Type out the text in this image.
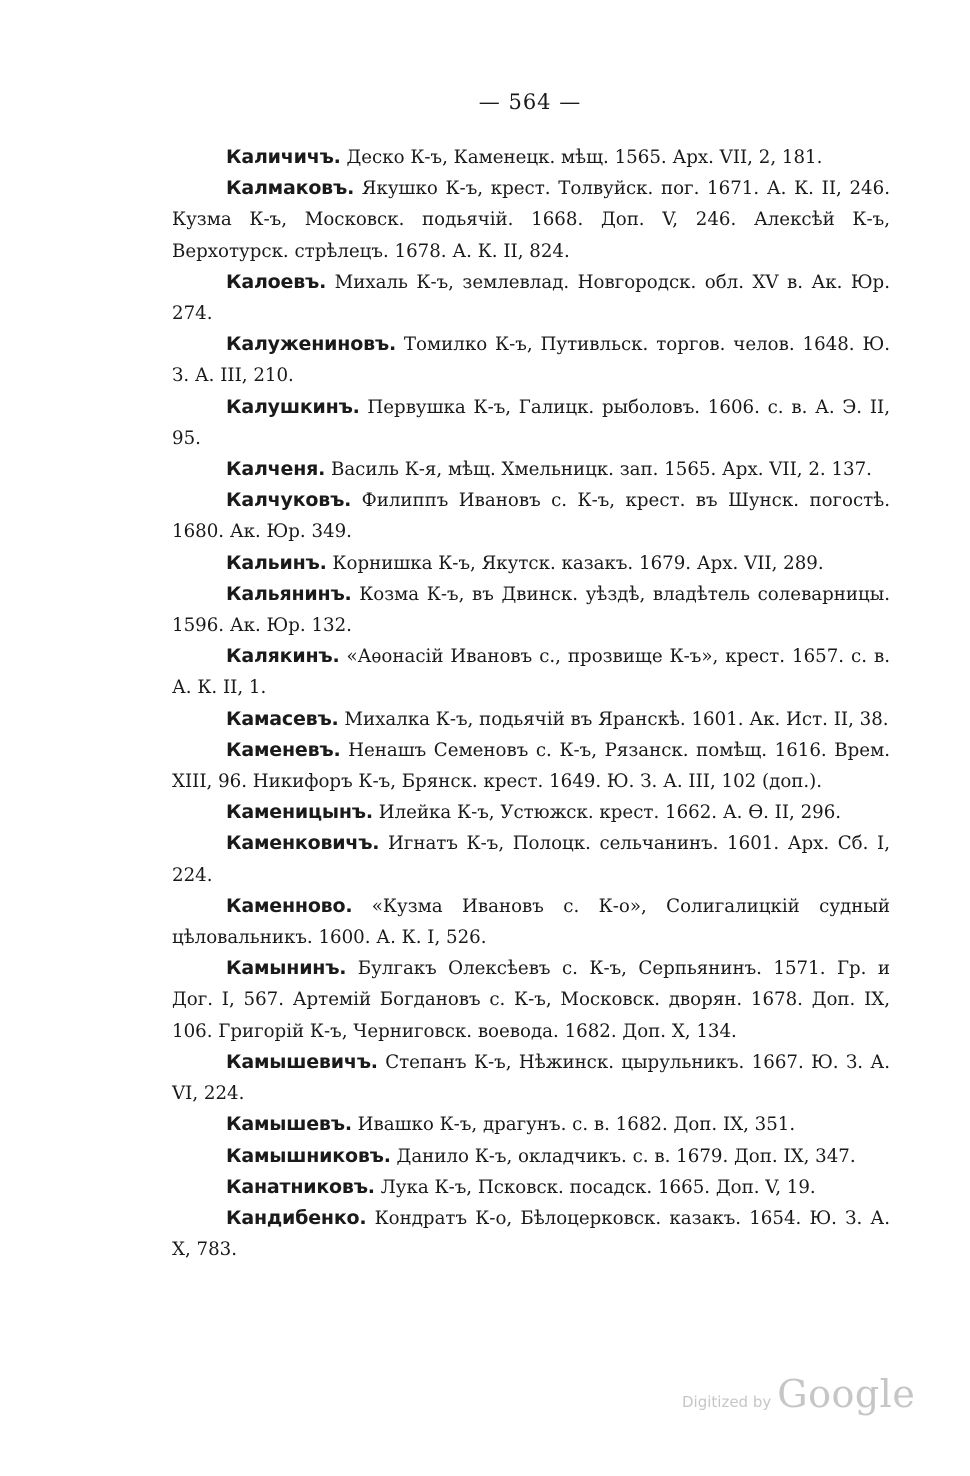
— 564 —

Каличичъ. Деско К-ъ, Каменецк. мѣщ. 1565. Арх. VII, 2, 181.

Калмаковъ. Якушко К-ъ, крест. Толвуйск. пог. 1671. А. К. II, 246. Кузма К-ъ, Московск. подьячій. 1668. Доп. V, 246. Алексѣй К-ъ, Верхотурск. стрѣлецъ. 1678. А. К. II, 824.

Калоевъ. Михаль К-ъ, землевлад. Новгородск. обл. XV в. Ак. Юр. 274.

Калужениновъ. Томилко К-ъ, Путивльск. торгов. челов. 1648. Ю. З. А. III, 210.

Калушкинъ. Первушка К-ъ, Галицк. рыболовъ. 1606. с. в. А. Э. II, 95.

Калченя. Василь К-я, мѣщ. Хмельницк. зап. 1565. Арх. VII, 2. 137.

Калчуковъ. Филиппъ Ивановъ с. К-ъ, крест. въ Шунск. погостѣ. 1680. Ак. Юр. 349.

Кальинъ. Корнишка К-ъ, Якутск. казакъ. 1679. Арх. VII, 289.

Кальянинъ. Козма К-ъ, въ Двинск. уѣздѣ, владѣтель солеварницы. 1596. Ак. Юр. 132.

Калякинъ. «Аѳонасій Ивановъ с., прозвище К-ъ», крест. 1657. с. в. А. К. II, 1.

Камасевъ. Михалка К-ъ, подьячій въ Яранскѣ. 1601. Ак. Ист. II, 38.

Каменевъ. Ненашъ Семеновъ с. К-ъ, Рязанск. помѣщ. 1616. Врем. XIII, 96. Никифоръ К-ъ, Брянск. крест. 1649. Ю. З. А. III, 102 (доп.).

Каменицынъ. Илейка К-ъ, Устюжск. крест. 1662. А. Ѳ. II, 296.

Каменковичъ. Игнатъ К-ъ, Полоцк. сельчанинъ. 1601. Арх. Сб. I, 224.

Каменново. «Кузма Ивановъ с. К-о», Солигалицкій судный цѣловальникъ. 1600. А. К. I, 526.

Камынинъ. Булгакъ Олексѣевъ с. К-ъ, Серпьянинъ. 1571. Гр. и Дог. I, 567. Артемій Богдановъ с. К-ъ, Московск. дворян. 1678. Доп. IX, 106. Григорій К-ъ, Черниговск. воевода. 1682. Доп. X, 134.

Камышевичъ. Степанъ К-ъ, Нѣжинск. цырульникъ. 1667. Ю. З. А. VI, 224.

Камышевъ. Ивашко К-ъ, драгунъ. с. в. 1682. Доп. IX, 351.

Камышниковъ. Данило К-ъ, окладчикъ. с. в. 1679. Доп. IX, 347.

Канатниковъ. Лука К-ъ, Псковск. посадск. 1665. Доп. V, 19.

Кандибенко. Кондратъ К-о, Бѣлоцерковск. казакъ. 1654. Ю. З. А. X, 783.

Digitized by Google
